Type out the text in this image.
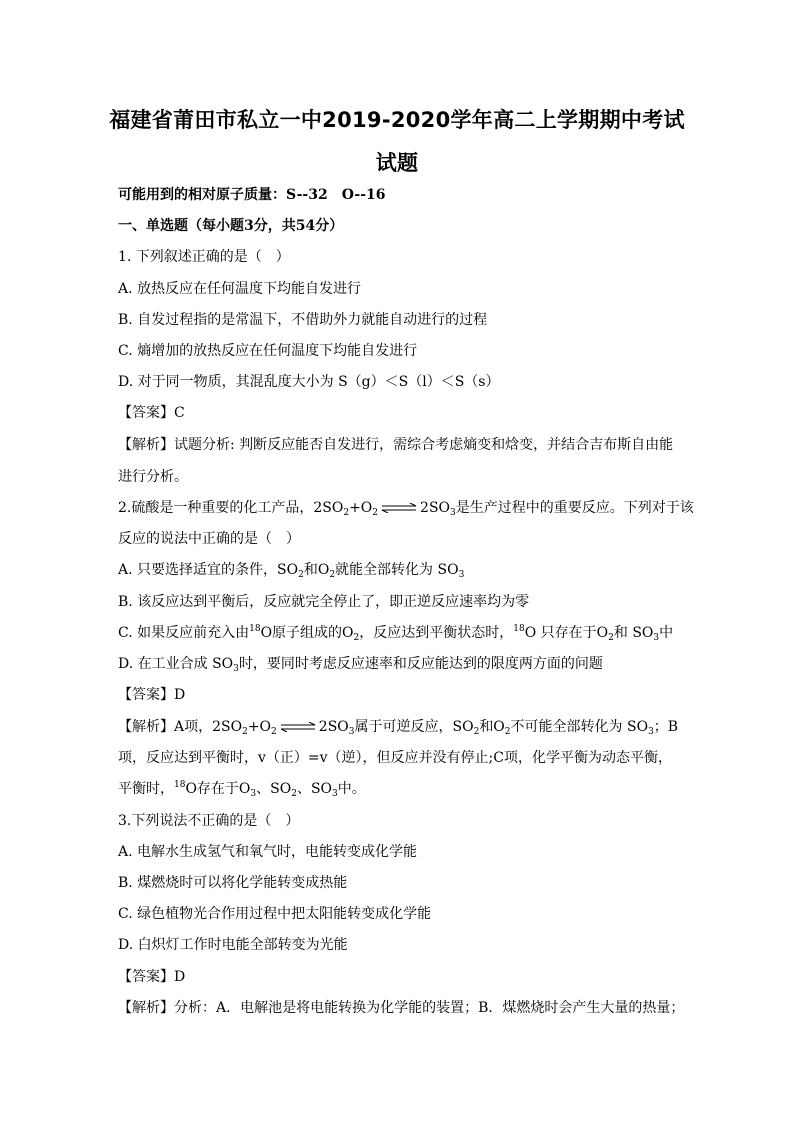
福建省莆田市私立一中2019-2020学年高二上学期期中考试
试题
可能用到的相对原子质量：S--32　O--16
一、单选题（每小题3分，共54分）
1. 下列叙述正确的是（　）
A. 放热反应在任何温度下均能自发进行
B. 自发过程指的是常温下，不借助外力就能自动进行的过程
C. 熵增加的放热反应在任何温度下均能自发进行
D. 对于同一物质，其混乱度大小为 S（g）＜S（l）＜S（s）
【答案】C
【解析】试题分析: 判断反应能否自发进行，需综合考虑熵变和焓变，并结合吉布斯自由能
进行分析。
2.硫酸是一种重要的化工产品，$2SO_2+O_2$ ⇌ $2SO_3$是生产过程中的重要反应。下列对于该
反应的说法中正确的是（　）
A. 只要选择适宜的条件，$SO_2$和$O_2$就能全部转化为 $SO_3$
B. 该反应达到平衡后，反应就完全停止了，即正逆反应速率均为零
C. 如果反应前充入由$^{18}$O原子组成的$O_2$，反应达到平衡状态时，$^{18}$O 只存在于$O_2$和 $SO_3$中
D. 在工业合成 $SO_3$时，要同时考虑反应速率和反应能达到的限度两方面的问题
【答案】D
【解析】A项，$2SO_2+O_2$ ⇌ $2SO_3$属于可逆反应，$SO_2$和$O_2$不可能全部转化为 $SO_3$；B
项，反应达到平衡时，v（正）=v（逆），但反应并没有停止;C项，化学平衡为动态平衡，
平衡时，$^{18}$O存在于$O_3$、$SO_2$、$SO_3$中。
3.下列说法不正确的是（　）
A. 电解水生成氢气和氧气时，电能转变成化学能
B. 煤燃烧时可以将化学能转变成热能
C. 绿色植物光合作用过程中把太阳能转变成化学能
D. 白炽灯工作时电能全部转变为光能
【答案】D
【解析】分析：A．电解池是将电能转换为化学能的装置；B．煤燃烧时会产生大量的热量；
